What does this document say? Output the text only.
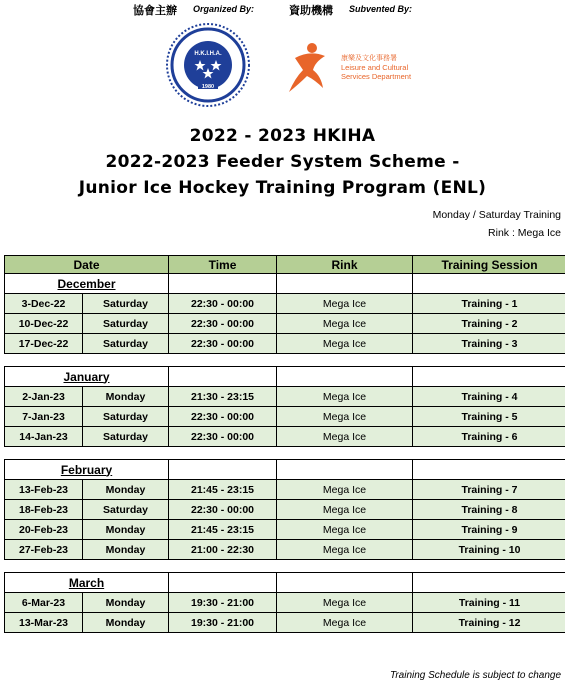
協會主辦 Organized By:	資助機構 Subvented By:
H.K.I.H.A.
1980
康樂及文化事務署
Leisure and Cultural
Services Department
2022 - 2023 HKIHA
2022-2023 Feeder System Scheme -
Junior Ice Hockey Training Program (ENL)
Monday / Saturday Training
Rink : Mega Ice
Date		Time	Rink	Training Session
December				
3-Dec-22	Saturday	22:30 - 00:00	Mega Ice	Training - 1
10-Dec-22	Saturday	22:30 - 00:00	Mega Ice	Training - 2
17-Dec-22	Saturday	22:30 - 00:00	Mega Ice	Training - 3

January				
2-Jan-23	Monday	21:30 - 23:15	Mega Ice	Training - 4
7-Jan-23	Saturday	22:30 - 00:00	Mega Ice	Training - 5
14-Jan-23	Saturday	22:30 - 00:00	Mega Ice	Training - 6

February				
13-Feb-23	Monday	21:45 - 23:15	Mega Ice	Training - 7
18-Feb-23	Saturday	22:30 - 00:00	Mega Ice	Training - 8
20-Feb-23	Monday	21:45 - 23:15	Mega Ice	Training - 9
27-Feb-23	Monday	21:00 - 22:30	Mega Ice	Training - 10

March				
6-Mar-23	Monday	19:30 - 21:00	Mega Ice	Training - 11
13-Mar-23	Monday	19:30 - 21:00	Mega Ice	Training - 12
Training Schedule is subject to change
